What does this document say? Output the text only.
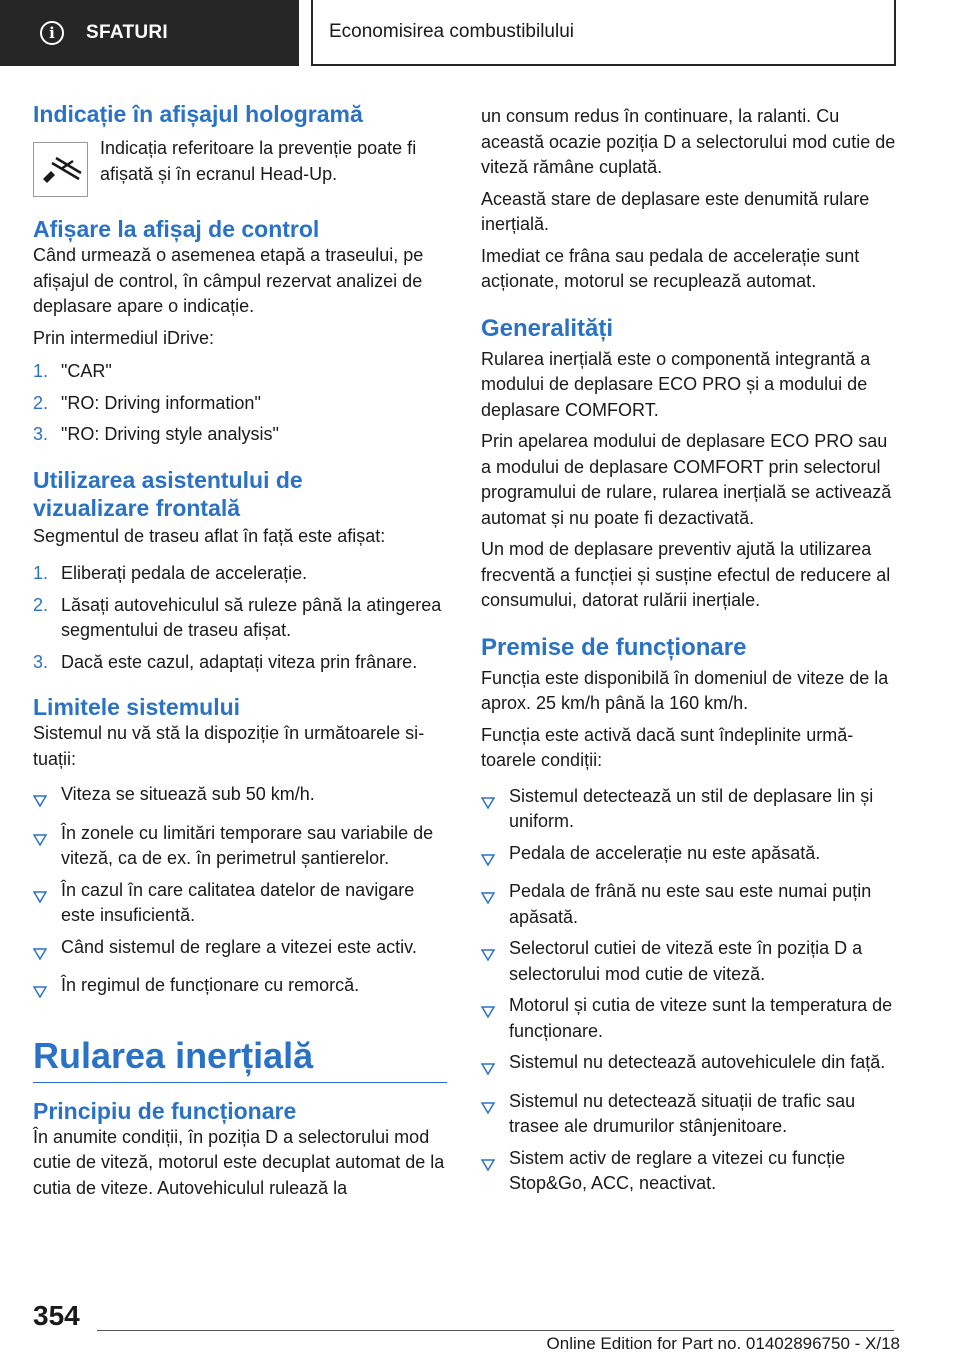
i	SFATURI	Economisirea combustibilului
Indicație în afișajul hologramă

Indicația referitoare la prevenție poate fi afișată și în ecranul Head-Up.

Afișare la afișaj de control

Când urmează o asemenea etapă a traseului, pe afișajul de control, în câmpul rezervat analizei de deplasare apare o indicație.

Prin intermediul iDrive:

1. "CAR"
2. "RO: Driving information"
3. "RO: Driving style analysis"
Utilizarea asistentului de vizualizare frontală

Segmentul de traseu aflat în față este afișat:

1. Eliberați pedala de accelerație.
2. Lăsați autovehiculul să ruleze până la atingerea segmentului de traseu afișat.
3. Dacă este cazul, adaptați viteza prin frânare.
Limitele sistemului

Sistemul nu vă stă la dispoziție în următoarele situații:

Viteza se situează sub 50 km/h.
În zonele cu limitări temporare sau variabile de viteză, ca de ex. în perimetrul șantierelor.
În cazul în care calitatea datelor de navigare este insuficientă.
Când sistemul de reglare a vitezei este activ.
În regimul de funcționare cu remorcă.
Rularea inerțială
Principiu de funcționare

În anumite condiții, în poziția D a selectorului mod cutie de viteză, motorul este decuplat automat de la cutia de viteze. Autovehiculul rulează la

un consum redus în continuare, la ralanti. Cu această ocazie poziția D a selectorului mod cutie de viteză rămâne cuplată.

Această stare de deplasare este denumită rulare inerțială.

Imediat ce frâna sau pedala de accelerație sunt acționate, motorul se recuplează automat.

Generalități

Rularea inerțială este o componentă integrantă a modului de deplasare ECO PRO și a modului de deplasare COMFORT.

Prin apelarea modului de deplasare ECO PRO sau a modului de deplasare COMFORT prin selectorul programului de rulare, rularea inerțială se activează automat și nu poate fi dezactivată.

Un mod de deplasare preventiv ajută la utilizarea frecventă a funcției și susține efectul de reducere al consumului, datorat rulării inerțiale.

Premise de funcționare

Funcția este disponibilă în domeniul de viteze de la aprox. 25 km/h până la 160 km/h.

Funcția este activă dacă sunt îndeplinite următoarele condiții:

Sistemul detectează un stil de deplasare lin și uniform.
Pedala de accelerație nu este apăsată.
Pedala de frână nu este sau este numai puțin apăsată.
Selectorul cutiei de viteză este în poziția D a selectorului mod cutie de viteză.
Motorul și cutia de viteze sunt la temperatura de funcționare.
Sistemul nu detectează autovehiculele din față.
Sistemul nu detectează situații de trafic sau trasee ale drumurilor stânjenitoare.
Sistem activ de reglare a vitezei cu funcție Stop&Go, ACC, neactivat.
354
Online Edition for Part no. 01402896750 - X/18
